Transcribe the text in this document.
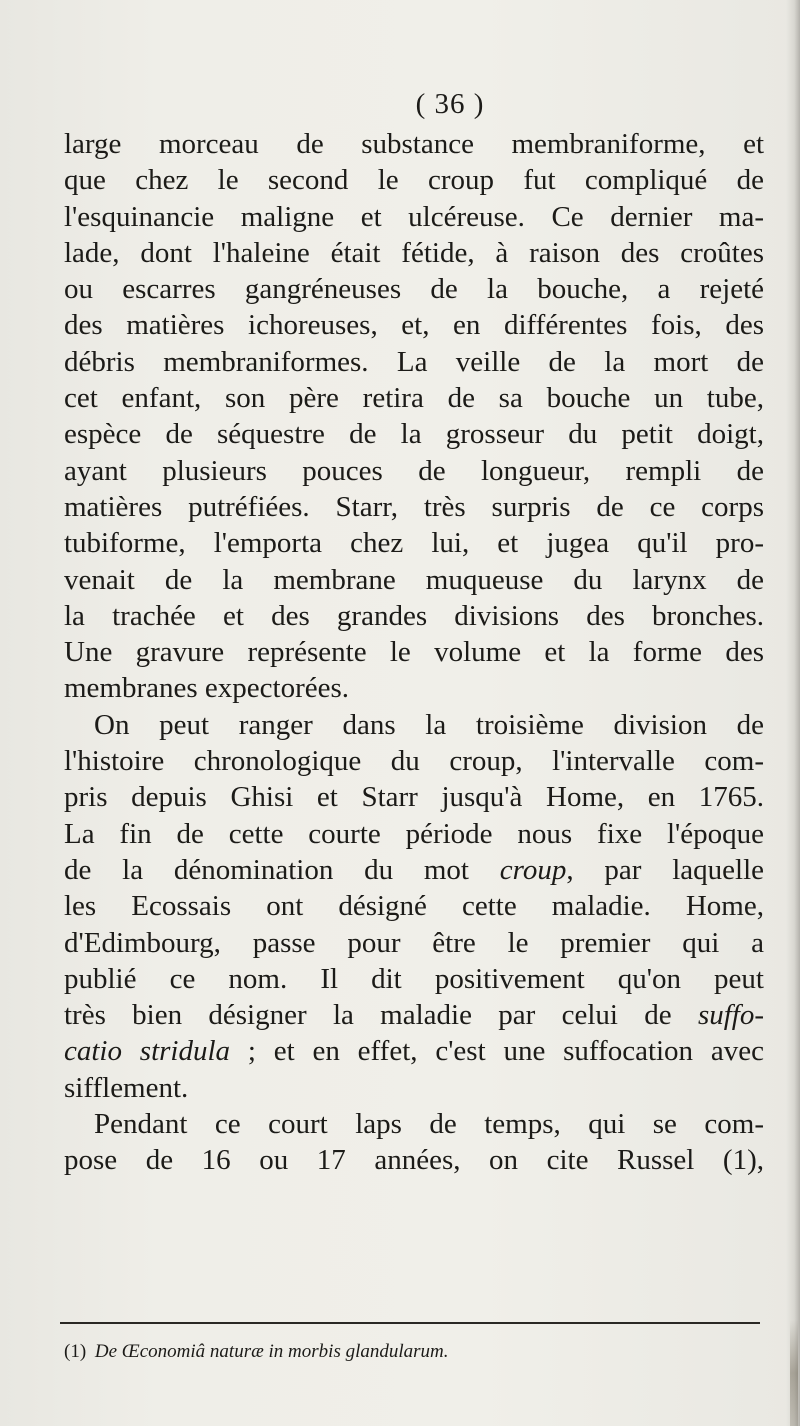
( 36 )
large morceau de substance membraniforme, et
que chez le second le croup fut compliqué de
l'esquinancie maligne et ulcéreuse. Ce dernier ma-
lade, dont l'haleine était fétide, à raison des croûtes
ou escarres gangréneuses de la bouche, a rejeté
des matières ichoreuses, et, en différentes fois, des
débris membraniformes. La veille de la mort de
cet enfant, son père retira de sa bouche un tube,
espèce de séquestre de la grosseur du petit doigt,
ayant plusieurs pouces de longueur, rempli de
matières putréfiées. Starr, très surpris de ce corps
tubiforme, l'emporta chez lui, et jugea qu'il pro-
venait de la membrane muqueuse du larynx de
la trachée et des grandes divisions des bronches.
Une gravure représente le volume et la forme des
membranes expectorées.
On peut ranger dans la troisième division de
l'histoire chronologique du croup, l'intervalle com-
pris depuis Ghisi et Starr jusqu'à Home, en 1765.
La fin de cette courte période nous fixe l'époque
de la dénomination du mot croup, par laquelle
les Ecossais ont désigné cette maladie. Home,
d'Edimbourg, passe pour être le premier qui a
publié ce nom. Il dit positivement qu'on peut
très bien désigner la maladie par celui de suffo-
catio stridula ; et en effet, c'est une suffocation avec
sifflement.
Pendant ce court laps de temps, qui se com-
pose de 16 ou 17 années, on cite Russel (1),
(1) De Œconomiâ naturæ in morbis glandularum.
